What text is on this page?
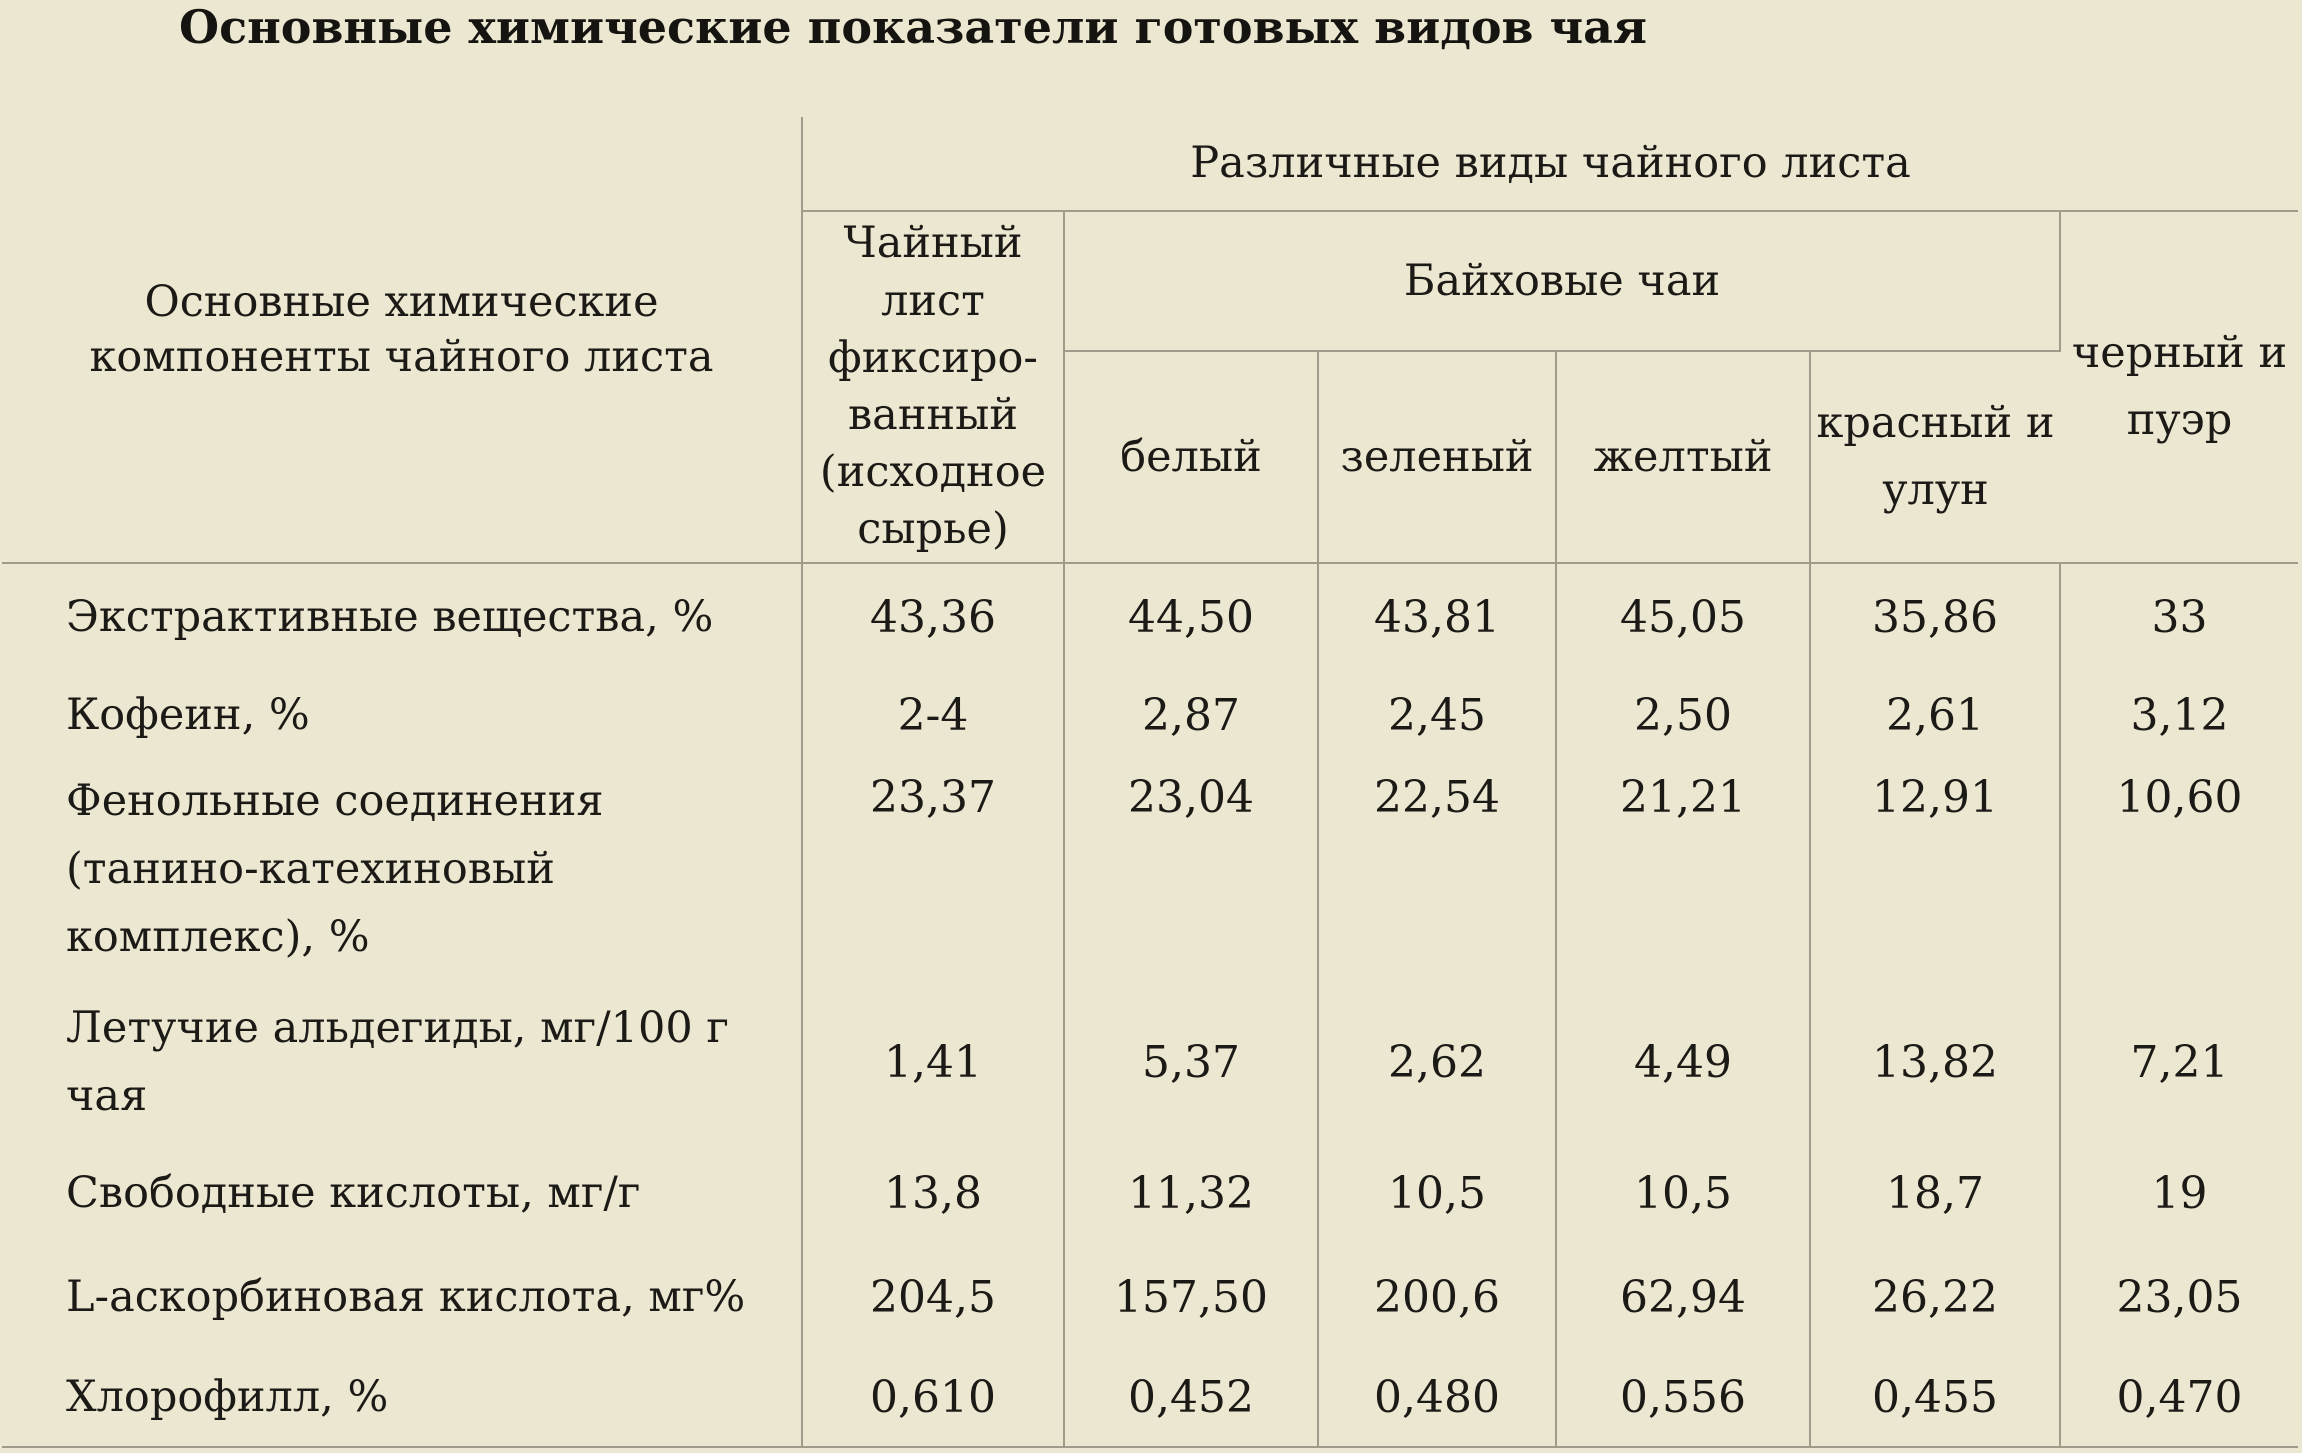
Основные химические показатели готовых видов чая
Основные химические компоненты чайного листа	Различные виды чайного листа					
	Чайный лист фиксиро-ванный (исходное сырье)	Байховые чаи				черный и пуэр
		белый	зеленый	желтый	красный и улун	
Экстрактивные вещества, %	43,36	44,50	43,81	45,05	35,86	33
Кофеин, %	2-4	2,87	2,45	2,50	2,61	3,12
Фенольные соединения (танино-катехиновый комплекс), %	23,37	23,04	22,54	21,21	12,91	10,60
Летучие альдегиды, мг/100 г чая	1,41	5,37	2,62	4,49	13,82	7,21
Свободные кислоты, мг/г	13,8	11,32	10,5	10,5	18,7	19
L-аскорбиновая кислота, мг%	204,5	157,50	200,6	62,94	26,22	23,05
Хлорофилл, %	0,610	0,452	0,480	0,556	0,455	0,470
